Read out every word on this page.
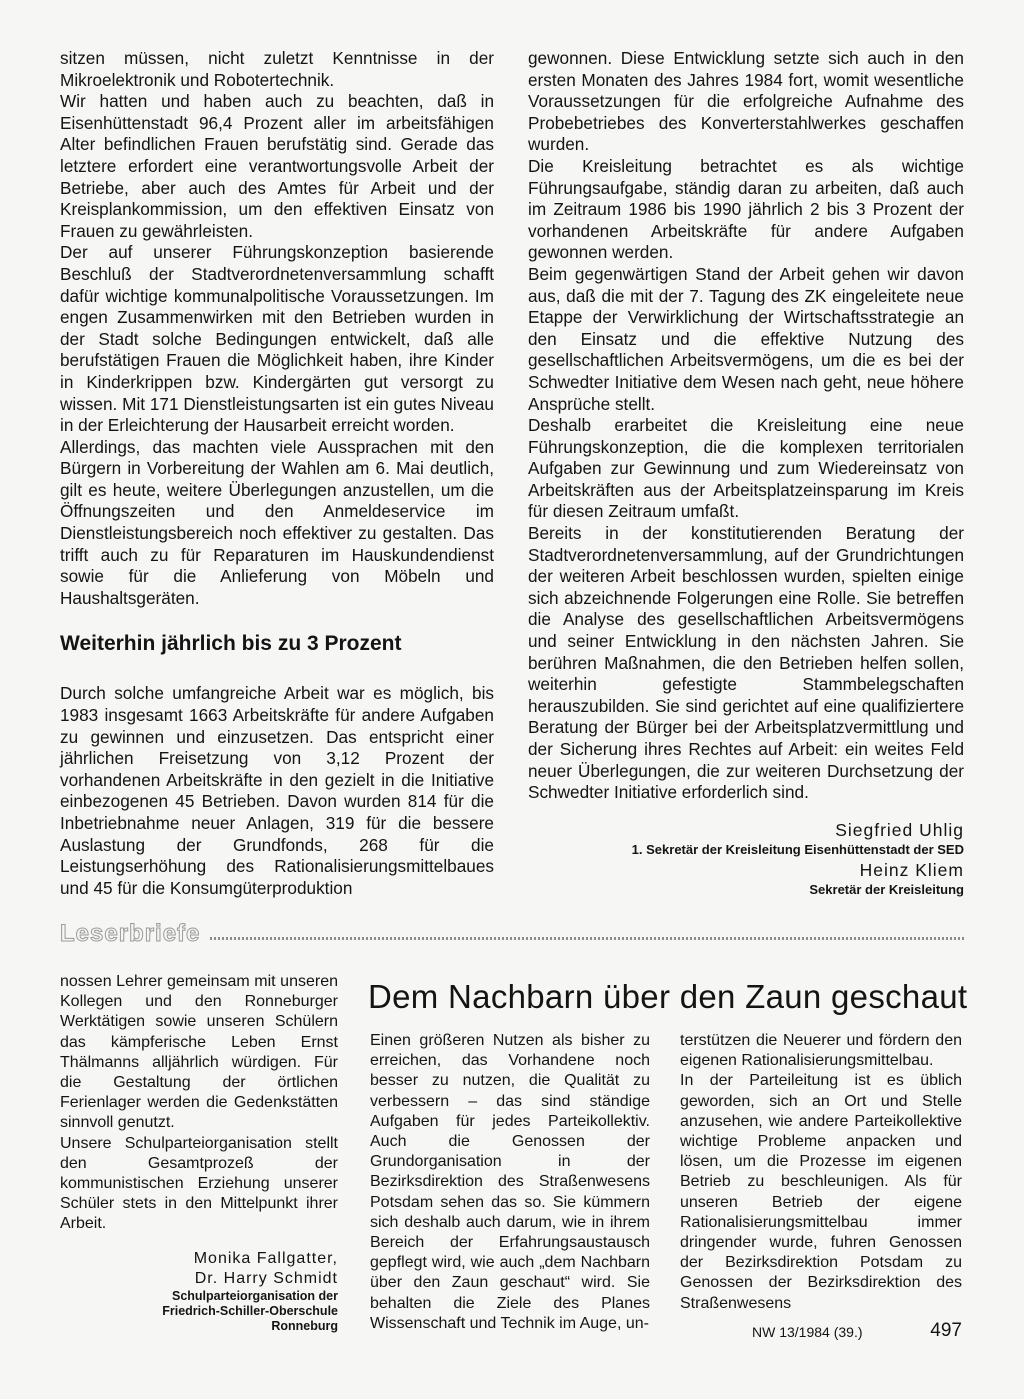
sitzen müssen, nicht zuletzt Kenntnisse in der Mikroelektronik und Robotertechnik.

Wir hatten und haben auch zu beachten, daß in Eisenhüttenstadt 96,4 Prozent aller im arbeitsfähigen Alter befindlichen Frauen berufstätig sind. Gerade das letztere erfordert eine verantwortungsvolle Arbeit der Betriebe, aber auch des Amtes für Arbeit und der Kreisplankommission, um den effektiven Einsatz von Frauen zu gewährleisten.

Der auf unserer Führungskonzeption basierende Beschluß der Stadtverordnetenversammlung schafft dafür wichtige kommunalpolitische Voraussetzungen. Im engen Zusammenwirken mit den Betrieben wurden in der Stadt solche Bedingungen entwickelt, daß alle berufstätigen Frauen die Möglichkeit haben, ihre Kinder in Kinderkrippen bzw. Kindergärten gut versorgt zu wissen. Mit 171 Dienstleistungsarten ist ein gutes Niveau in der Erleichterung der Hausarbeit erreicht worden.

Allerdings, das machten viele Aussprachen mit den Bürgern in Vorbereitung der Wahlen am 6. Mai deutlich, gilt es heute, weitere Überlegungen anzustellen, um die Öffnungszeiten und den Anmeldeservice im Dienstleistungsbereich noch effektiver zu gestalten. Das trifft auch zu für Reparaturen im Hauskundendienst sowie für die Anlieferung von Möbeln und Haushaltsgeräten.

Weiterhin jährlich bis zu 3 Prozent

Durch solche umfangreiche Arbeit war es möglich, bis 1983 insgesamt 1663 Arbeitskräfte für andere Aufgaben zu gewinnen und einzusetzen. Das entspricht einer jährlichen Freisetzung von 3,12 Prozent der vorhandenen Arbeitskräfte in den gezielt in die Initiative einbezogenen 45 Betrieben. Davon wurden 814 für die Inbetriebnahme neuer Anlagen, 319 für die bessere Auslastung der Grundfonds, 268 für die Leistungserhöhung des Rationalisierungsmittelbaues und 45 für die Konsumgüterproduktion

gewonnen. Diese Entwicklung setzte sich auch in den ersten Monaten des Jahres 1984 fort, womit wesentliche Voraussetzungen für die erfolgreiche Aufnahme des Probebetriebes des Konverterstahlwerkes geschaffen wurden.

Die Kreisleitung betrachtet es als wichtige Führungsaufgabe, ständig daran zu arbeiten, daß auch im Zeitraum 1986 bis 1990 jährlich 2 bis 3 Prozent der vorhandenen Arbeitskräfte für andere Aufgaben gewonnen werden.

Beim gegenwärtigen Stand der Arbeit gehen wir davon aus, daß die mit der 7. Tagung des ZK eingeleitete neue Etappe der Verwirklichung der Wirtschaftsstrategie an den Einsatz und die effektive Nutzung des gesellschaftlichen Arbeitsvermögens, um die es bei der Schwedter Initiative dem Wesen nach geht, neue höhere Ansprüche stellt.

Deshalb erarbeitet die Kreisleitung eine neue Führungskonzeption, die die komplexen territorialen Aufgaben zur Gewinnung und zum Wiedereinsatz von Arbeitskräften aus der Arbeitsplatzeinsparung im Kreis für diesen Zeitraum umfaßt.

Bereits in der konstitutierenden Beratung der Stadtverordnetenversammlung, auf der Grundrichtungen der weiteren Arbeit beschlossen wurden, spielten einige sich abzeichnende Folgerungen eine Rolle. Sie betreffen die Analyse des gesellschaftlichen Arbeitsvermögens und seiner Entwicklung in den nächsten Jahren. Sie berühren Maßnahmen, die den Betrieben helfen sollen, weiterhin gefestigte Stammbelegschaften herauszubilden. Sie sind gerichtet auf eine qualifiziertere Beratung der Bürger bei der Arbeitsplatzvermittlung und der Sicherung ihres Rechtes auf Arbeit: ein weites Feld neuer Überlegungen, die zur weiteren Durchsetzung der Schwedter Initiative erforderlich sind.

Siegfried Uhlig
1. Sekretär der Kreisleitung Eisenhüttenstadt der SED
Heinz Kliem
Sekretär der Kreisleitung
Leserbriefe

nossen Lehrer gemeinsam mit unseren Kollegen und den Ronneburger Werktätigen sowie unseren Schülern das kämpferische Leben Ernst Thälmanns alljährlich würdigen. Für die Gestaltung der örtlichen Ferienlager werden die Gedenkstätten sinnvoll genutzt.

Unsere Schulparteiorganisation stellt den Gesamtprozeß der kommunistischen Erziehung unserer Schüler stets in den Mittelpunkt ihrer Arbeit.

Monika Fallgatter,
Dr. Harry Schmidt
Schulparteiorganisation der
Friedrich-Schiller-Oberschule
Ronneburg
Dem Nachbarn über den Zaun geschaut

Einen größeren Nutzen als bisher zu erreichen, das Vorhandene noch besser zu nutzen, die Qualität zu verbessern – das sind ständige Aufgaben für jedes Parteikollektiv. Auch die Genossen der Grundorganisation in der Bezirksdirektion des Straßenwesens Potsdam sehen das so. Sie kümmern sich deshalb auch darum, wie in ihrem Bereich der Erfahrungsaustausch gepflegt wird, wie auch „dem Nachbarn über den Zaun geschaut“ wird. Sie behalten die Ziele des Planes Wissenschaft und Technik im Auge, un-

terstützen die Neuerer und fördern den eigenen Rationalisierungsmittelbau.

In der Parteileitung ist es üblich geworden, sich an Ort und Stelle anzusehen, wie andere Parteikollektive wichtige Probleme anpacken und lösen, um die Prozesse im eigenen Betrieb zu beschleunigen. Als für unseren Betrieb der eigene Rationalisierungsmittelbau immer dringender wurde, fuhren Genossen der Bezirksdirektion Potsdam zu Genossen der Bezirksdirektion des Straßenwesens

NW 13/1984 (39.)	497
